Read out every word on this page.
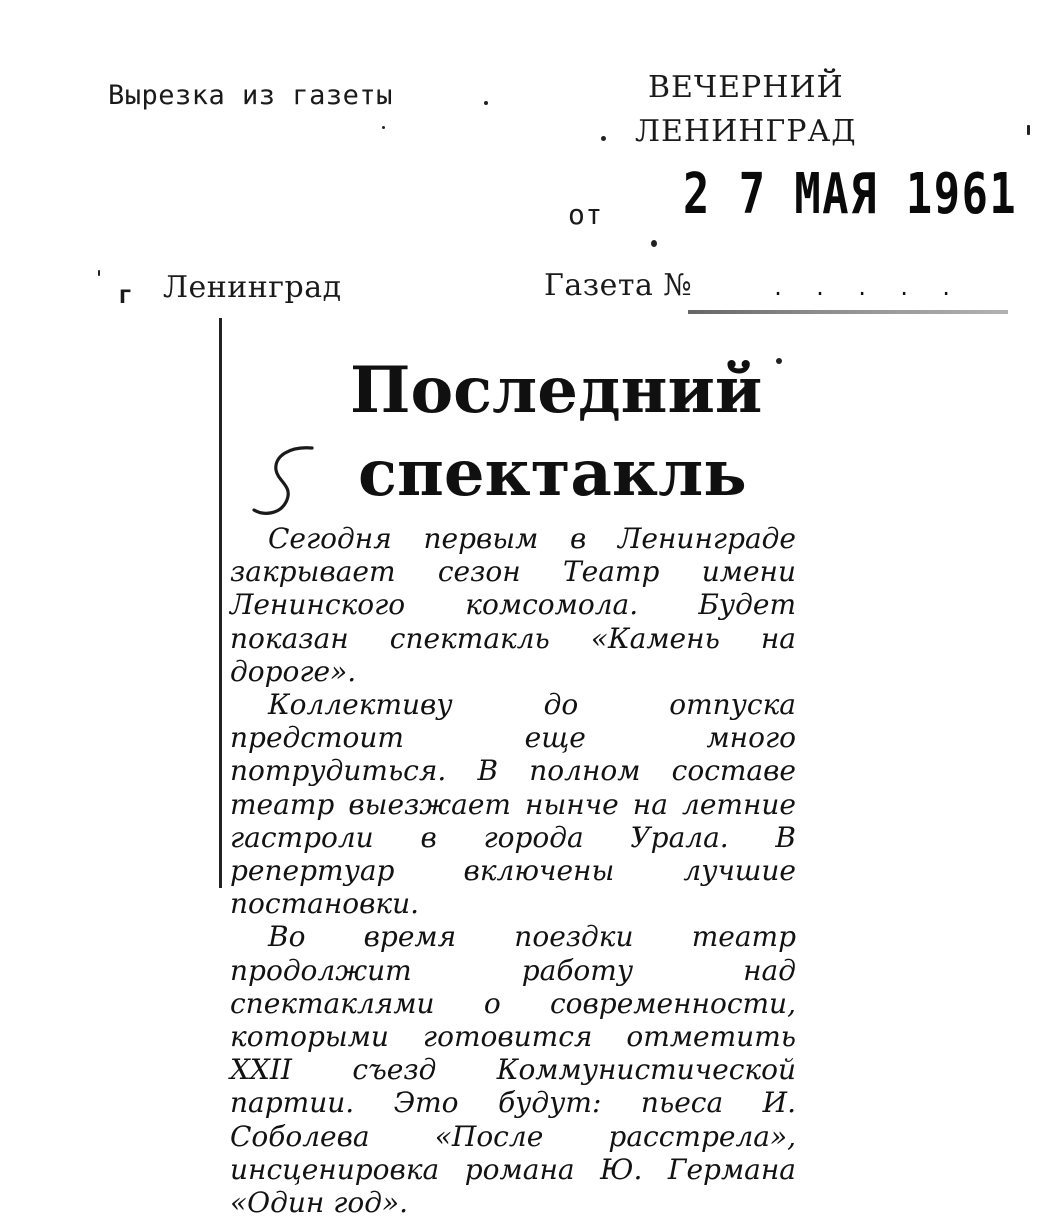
Вырезка из газеты	ВЕЧЕРНИЙ
ЛЕНИНГРАД
от 2 7 МАЯ 1961
г Ленинград	Газета №	.....
Последний
спектакль

Сегодня первым в Ленинграде закрывает сезон Театр имени Ленинского комсомола. Будет показан спектакль «Камень на дороге».

Коллективу до отпуска предстоит еще много потрудиться. В полном составе театр выезжает нынче на летние гастроли в города Урала. В репертуар включены лучшие постановки.

Во время поездки театр продолжит работу над спектаклями о современности, которыми готовится отметить XXII съезд Коммунистической партии. Это будут: пьеса И. Соболева «После расстрела», инсценировка романа Ю. Германа «Один год».
